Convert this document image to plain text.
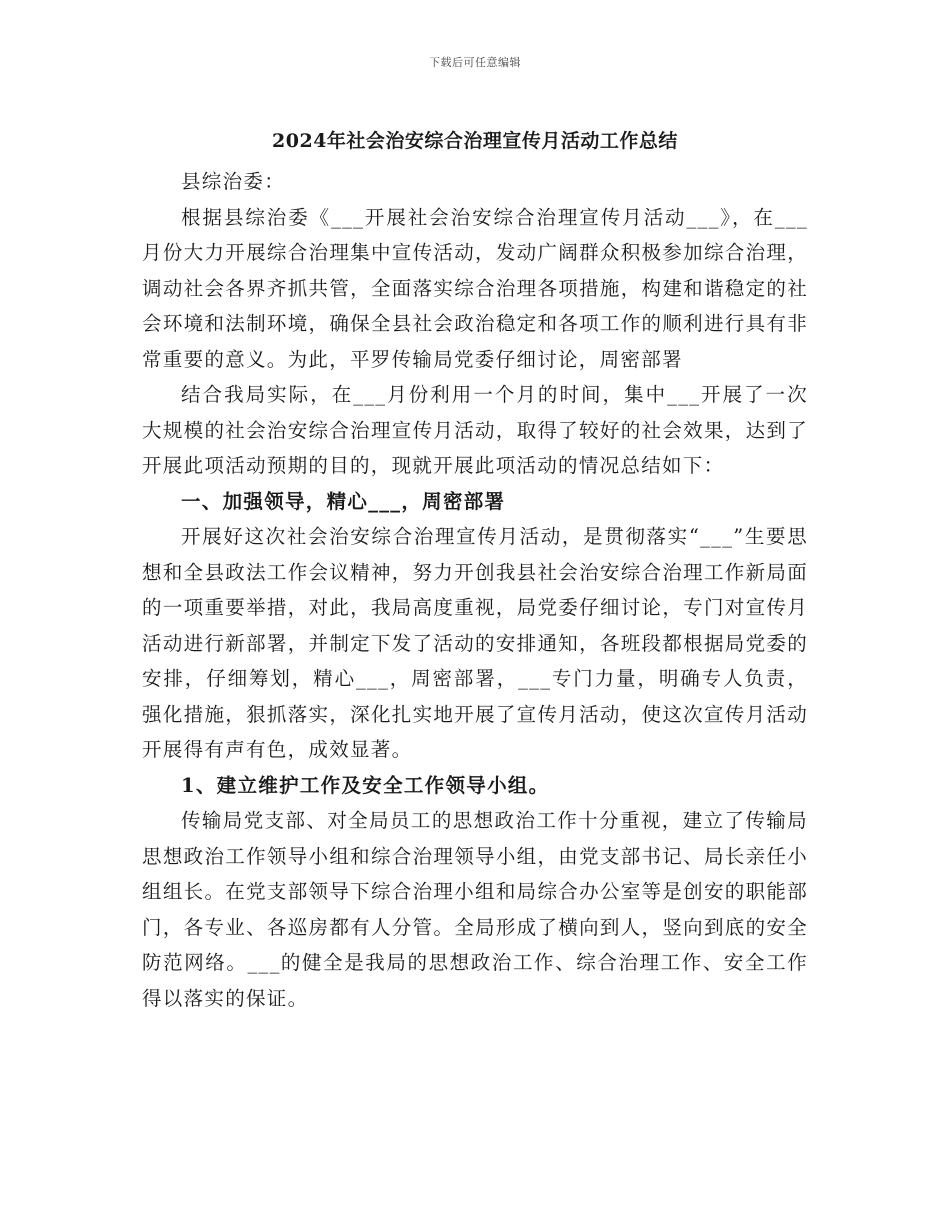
下载后可任意编辑
2024年社会治安综合治理宣传月活动工作总结

县综治委：

根据县综治委《___开展社会治安综合治理宣传月活动___》，在___月份大力开展综合治理集中宣传活动，发动广阔群众积极参加综合治理，调动社会各界齐抓共管，全面落实综合治理各项措施，构建和谐稳定的社会环境和法制环境，确保全县社会政治稳定和各项工作的顺利进行具有非常重要的意义。为此，平罗传输局党委仔细讨论，周密部署

结合我局实际，在___月份利用一个月的时间，集中___开展了一次大规模的社会治安综合治理宣传月活动，取得了较好的社会效果，达到了开展此项活动预期的目的，现就开展此项活动的情况总结如下：

一、加强领导，精心___，周密部署

开展好这次社会治安综合治理宣传月活动，是贯彻落实“___”生要思想和全县政法工作会议精神，努力开创我县社会治安综合治理工作新局面的一项重要举措，对此，我局高度重视，局党委仔细讨论，专门对宣传月活动进行新部署，并制定下发了活动的安排通知，各班段都根据局党委的安排，仔细筹划，精心___，周密部署，___专门力量，明确专人负责，强化措施，狠抓落实，深化扎实地开展了宣传月活动，使这次宣传月活动开展得有声有色，成效显著。

1、建立维护工作及安全工作领导小组。

传输局党支部、对全局员工的思想政治工作十分重视，建立了传输局思想政治工作领导小组和综合治理领导小组，由党支部书记、局长亲任小组组长。在党支部领导下综合治理小组和局综合办公室等是创安的职能部门，各专业、各巡房都有人分管。全局形成了横向到人，竖向到底的安全防范网络。___的健全是我局的思想政治工作、综合治理工作、安全工作得以落实的保证。
